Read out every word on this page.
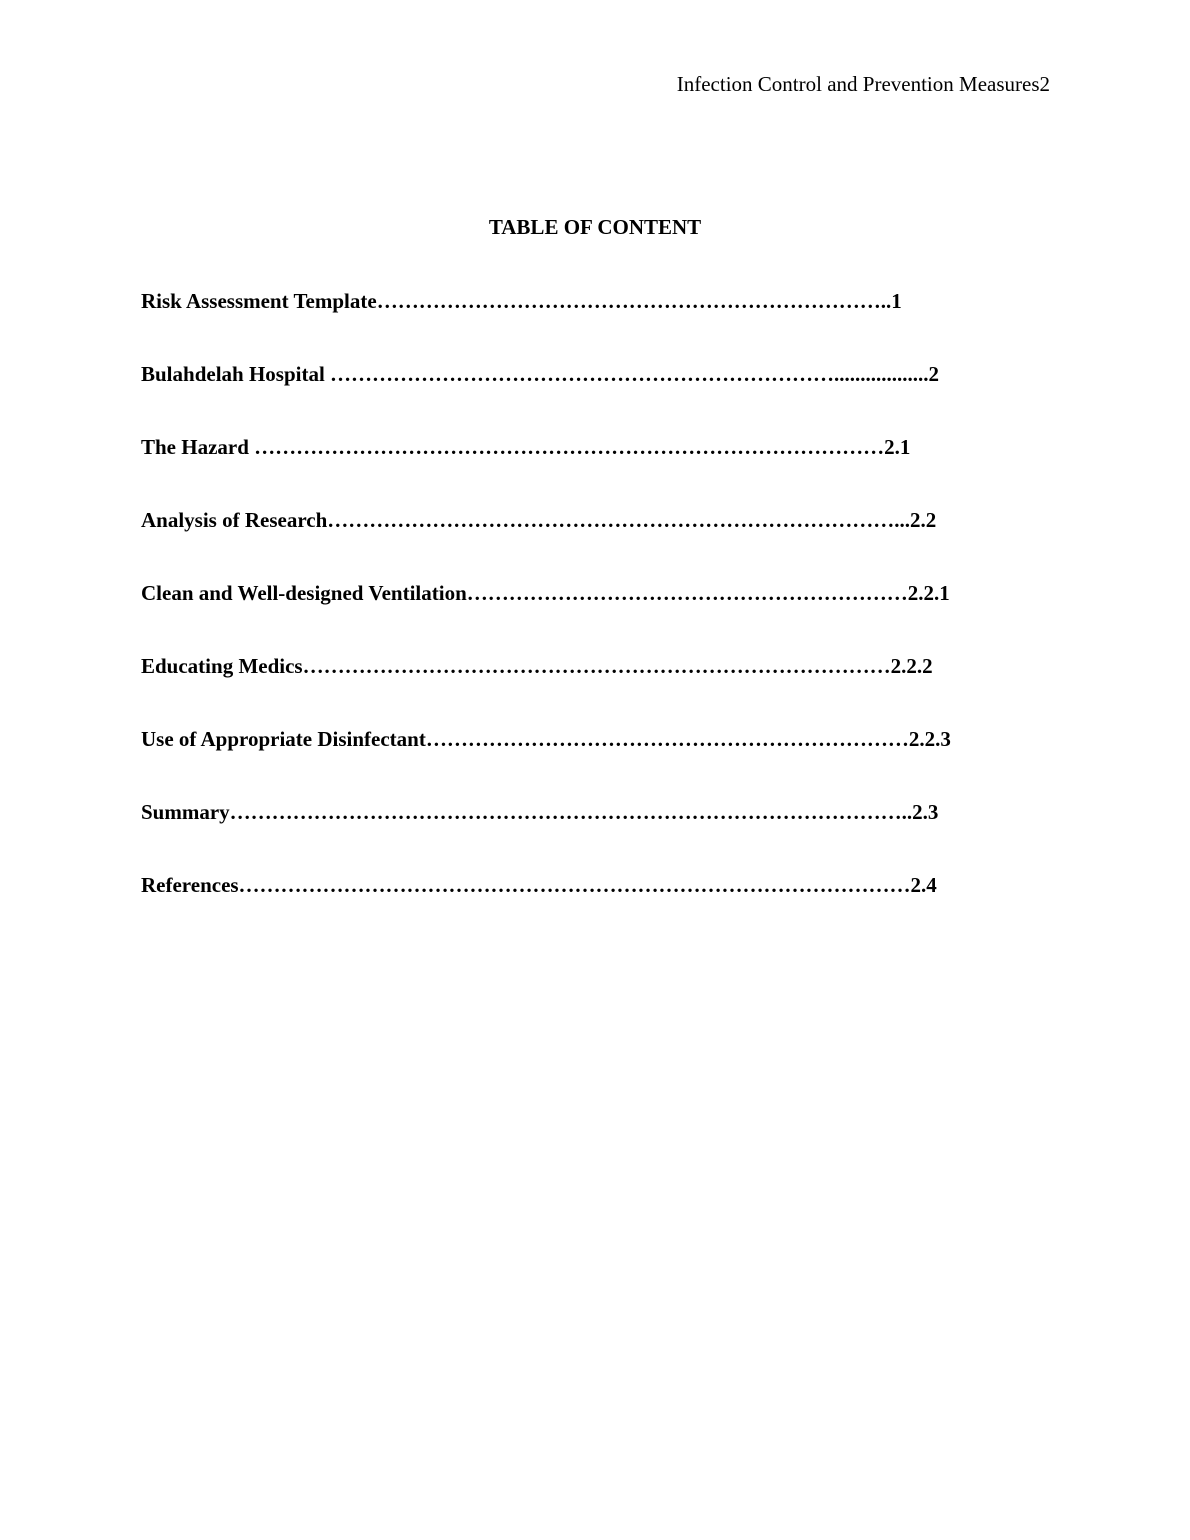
Infection Control and Prevention Measures2
TABLE OF CONTENT
Risk Assessment Template………………………………………………………………..1
Bulahdelah Hospital ………………………………………………………………..................2
The Hazard ………………………………………………………………………………2.1
Analysis of Research………………………………………………………………………...2.2
Clean and Well-designed Ventilation………………………………………………………2.2.1
Educating Medics…………………………………………………………………………2.2.2
Use of Appropriate Disinfectant……………………………………………………………2.2.3
Summary……………………………………………………………………………………..2.3
References……………………………………………………………………………………2.4
